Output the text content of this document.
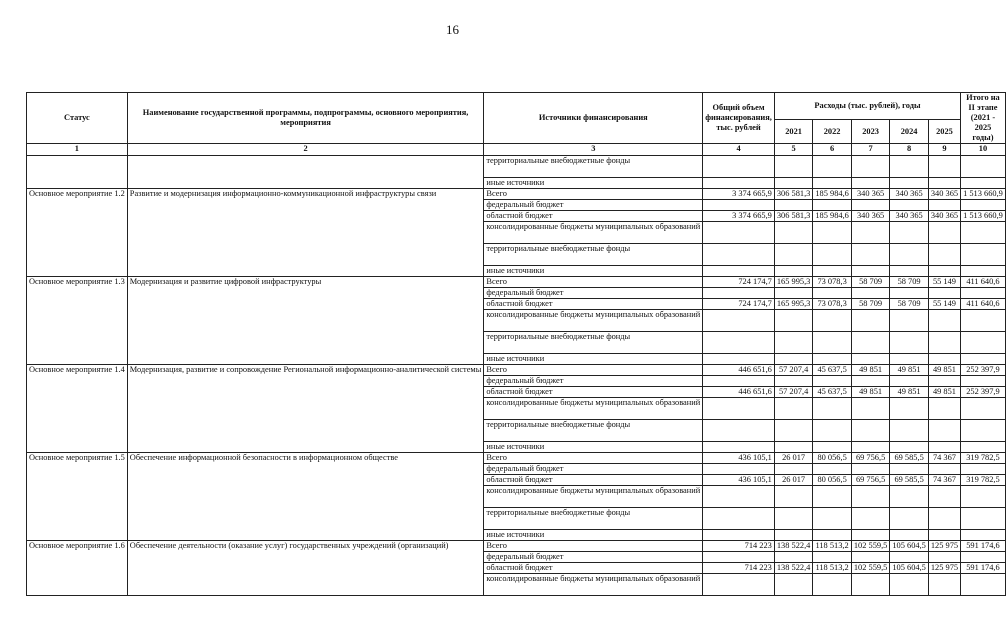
16
Статус	Наименование государственной программы, подпрограммы, основного мероприятия, мероприятия	Источники финансирования	Общий объем финансирования, тыс. рублей	Расходы (тыс. рублей), годы					Итого на II этапе (2021 - 2025 годы)
				2021	2022	2023	2024	2025	
1	2	3	4	5	6	7	8	9	10
		территориальные внебюджетные фонды							
		иные источники							
Основное мероприятие 1.2	Развитие и модернизация информационно-коммуникационной инфраструктуры связи	Всего	3 374 665,9	306 581,3	185 984,6	340 365	340 365	340 365	1 513 660,9
		федеральный бюджет							
		областной бюджет	3 374 665,9	306 581,3	185 984,6	340 365	340 365	340 365	1 513 660,9
		консолидированные бюджеты муниципальных образований							
		территориальные внебюджетные фонды							
		иные источники							
Основное мероприятие 1.3	Модернизация и развитие цифровой инфраструктуры	Всего	724 174,7	165 995,3	73 078,3	58 709	58 709	55 149	411 640,6
		федеральный бюджет							
		областной бюджет	724 174,7	165 995,3	73 078,3	58 709	58 709	55 149	411 640,6
		консолидированные бюджеты муниципальных образований							
		территориальные внебюджетные фонды							
		иные источники							
Основное мероприятие 1.4	Модернизация, развитие и сопровождение Региональной информационно-аналитической системы	Всего	446 651,6	57 207,4	45 637,5	49 851	49 851	49 851	252 397,9
		федеральный бюджет							
		областной бюджет	446 651,6	57 207,4	45 637,5	49 851	49 851	49 851	252 397,9
		консолидированные бюджеты муниципальных образований							
		территориальные внебюджетные фонды							
		иные источники							
Основное мероприятие 1.5	Обеспечение информационной безопасности в информационном обществе	Всего	436 105,1	26 017	80 056,5	69 756,5	69 585,5	74 367	319 782,5
		федеральный бюджет							
		областной бюджет	436 105,1	26 017	80 056,5	69 756,5	69 585,5	74 367	319 782,5
		консолидированные бюджеты муниципальных образований							
		территориальные внебюджетные фонды							
		иные источники							
Основное мероприятие 1.6	Обеспечение деятельности (оказание услуг) государственных учреждений (организаций)	Всего	714 223	138 522,4	118 513,2	102 559,5	105 604,5	125 975	591 174,6
		федеральный бюджет							
		областной бюджет	714 223	138 522,4	118 513,2	102 559,5	105 604,5	125 975	591 174,6
		консолидированные бюджеты муниципальных образований							
